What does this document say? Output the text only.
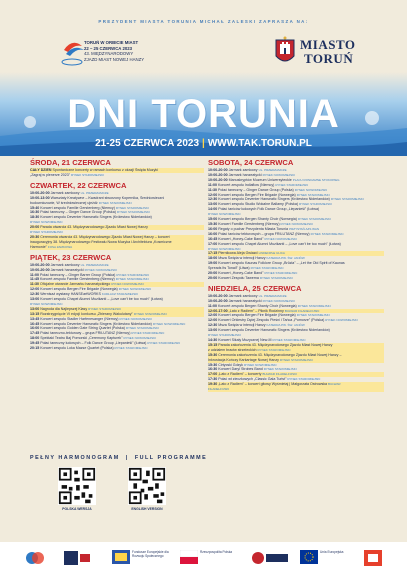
$_{PREZYDENT MIASTA TORUNIA MICHAŁ ZALESKI ZAPRASZA NA:}$
TORUŃ W ORBICIE MIAST
22 – 25 CZERWCA 2023
43. MIĘDZYNARODOWY
ZJAZD MIAST NOWEJ HANZY
MIASTO
TORUŃ
DNI TORUNIA
21-25 CZERWCA 2023 | WWW.TAK.TORUN.PL
ŚRODA, 21 CZERWCA
CAŁY DZIEŃ Spontaniczne koncerty w ramach konkursu z okazji Święta Muzyki
„Zagraj w plenerze 2023" RYNEK STAROMIEJSKI
CZWARTEK, 22 CZERWCA
10:00-20:00 Jarmark zamkowy UL. PRZEDZAMCZE
10:00-13:00 Warsztaty Kreatywne – Kwadrant stworzony Kopernika, Średniowieczni
budowniczowie, W średniowiecznej ujeżdż RYNEK STAROMIEJSKI
15:40 Koncert zespołu Familie Gerstenberg (Niemcy) RYNEK STAROMIEJSKI
16:30 Połać taneczny – Ginger Dance Group (Polska) RYNEK STAROMIEJSKI
18:30 Koncert zespołu Deventer Hanseatic Singers (Królestwo Niderlandów)
RYNEK NOWOMIEJSKI
20:00 Parada otwarcia 43. Międzynarodowego Zjazdu Miast Nowej Hanzy
RYNEK STAROMIEJSKI
20:30 Ceremonia otwarcia 43. Międzynarodowego Zjazdu Miast Nowej Hanzy – koncert
inauguracyjny 38. Międzynarodowego Festiwalu Nowa Muzyka i Architektura „Kosmiczne
Harmonie" FOSA ZAMKOWA
PIĄTEK, 23 CZERWCA
10:00-20:00 Jarmark zamkowy UL. PRZEDZAMCZE
10:00-20:00 Jarmark hanzeatycki RYNEK NOWOMIEJSKI
11:00 Połać taneczny – Ginger Barrer Group (Polska) RYNEK STAROMIEJSKI
11:45 Koncert zespołu Familie Gerstenberg (Niemcy) RYNEK STAROMIEJSKI
11:30 Oficjalne otwarcie Jarmarku hanzeatyckiego RYNEK NOWOMIEJSKI
12:00 Koncert zespołu Bergen Fire Brigade (Norwegia) RYNEK NOWOMIEJSKI
12:30 Wernisaż wystawy HANSEartWORKS KUDŁACZ STARAMIEJSKI
13:00 Koncert zespołu Chapel Alumni Muzikanti – „Love can't be too much" (Łotwa)
RYNEK NOWOMIEJSKI
13:00 Nagroda dla Najlepszej Klasy RYNEK STAROMIEJSKI
13:15 Rozstrzygnięcie VI edycji konkursu „Zbierany Wakulutany" RYNEK STAROMIEJSKI
13:45 Koncert zespołu Stadler Harfenesanger (Niemcy) RYNEK NOWOMIEJSKI
16:45 Koncert zespołu Deventer Hanseatic Singers (Królestwo Niderlandów) RYNEK NOWOMIEJSKI
16:00 Koncert zespołu Golden Gate String Quartet (Polska) RYNEK STAROMIEJSKI
17:45 Połać taneczno-tekturowy – grupa FRILUTANZ (Niemcy) RYNEK STAROMIEJSKI
18:00 Spektakl Teatru Baj Pomorski „Ceremony Kapturek" RYNEK NOWOMIEJSKI
19:45 Połać taneczny ludowych – Folk Dance Group „Liepanieši" (Łotwa) RYNEK STAROMIEJSKI
20:15 Koncert zespołu Loka Mazse Quartet (Polska) RYNEK STAROMIEJSKI
SOBOTA, 24 CZERWCA
10:00-20:00 Jarmark zamkowy UL. PRZEDZAMCZE
10:00-20:00 Jarmark hanzeatycki RYNEK NOWOMIEJSKI
10:00-20:00 Manuskryptów Muzeum Uniwersyteckie PLACU RONDAMNE STOKOPIEG
11:00 Koncert zespołu Indiaflow (Niemcy) RYNEK STAROMIEJSKI
11:30 Połać taneczny – Ginger Dance Group (Polska) RYNEK NOWOMIEJSKI
12:00 Koncert zespołu Bergen Fire Brigade (Norwegia) RYNEK STAROMIEJSKI
12:30 Koncert zespołu Deventer Hanseatic Singers (Królestwo Niderlandów) RYNEK STAROMIEJSKI
13:00 Koncert zespołu Studio Wokalne Ballamy (Polska) RYNEK STAROMIEJSKI
14:00 Połać taniców ludowych Folk Dance Group „Liepanieši" (Łotwa)
RYNEK NOWOMIEJSKI
15:00 Koncert zespołu Bergen Shanty Choir (Norwegia) RYNEK STAROMIEJSKI
15:30 Koncert Familie Gerstenberg (Niemcy) RYNEK NOWOMIEJSKI
16:00 Regaty o puchar Prezydenta Miasta Torunia PRZYSTAŃ AZS WAN
16:00 Połać taniców tekturowych – grupa FRILUTANZ (Niemcy) RYNEK STAROMIEJSKI
16:45 Koncert „Honey-Cake Band" RYNEK NOWOMIEJSKI
17:00 Koncert zespołu Chapel Alumni Muzikanti – „Love can't be too much" (Łotwa)
RYNEK NOWOMIEJSKI
17:15 Piernikowa Aleja Gwiazd LINDENPLE ULICA
18:00 Msza Święta w intencji Hanzy KATEDRA PW. ŚW. JANÓW
19:00 Koncert zespołu Kaunas Folklore Group „Brūzla" – „Let the Old Spirit of Kaunas
Spreads Its Tonail" (Litwa) RYNEK STAROMIEJSKI
20:00 Koncert „Honey-Cake Band" RYNEK STAROMIEJSKI
20:00 Koncert Zespołu Tawerna RYNEK STAROMIEJSKI
NIEDZIELA, 25 CZERWCA
10:00-20:00 Jarmark zamkowy UL. PRZEDZAMCZE
10:00-20:00 Jarmark hanzeatycki RYNEK NOWOMIEJSKI
11:00 Koncert zespołu Bergen Shanty Choir (Norwegia) RYNEK STAROMIEJSKI
12:00-17:00 „Lato z Radiem" – Piknik Rodzinny BULWAR FILADELFIJSKI
12:00 Koncert zespołu Bergen Fire Brigade (Norwegia) RYNEK STAROMIEJSKI
12:00 Koncert Orkiestry Dętej Zespołu Pieśni i Tańca „Pomorze" (Polska) RYNEK NOWOMIEJSKI
12:30 Msza Święta w intencji Hanzy KATEDRA PW. ŚW. JANÓW
13:00 Koncert zespołu Deventer Hanseatic Singers (Królestwo Niderlandów)
RYNEK STAROMIEJSKI
14:30 Koncert Sikaly Muzycznej New-M RYNEK STAROMIEJSKI
15:15 Parada zakończenia 43. Międzynarodowego Zjazdu Miast Nowej Hanzy
z udziałem bractw strzeleckich RYNEK STAROMIEJSKI
15:30 Ceremonia zakończenia 43. Międzynarodowego Zjazdu Miast Nowej Hanzy –
Inkrustacja Kończy Karkartage Nowej Hanzy RYNEK STAROMIEJSKI
15:30 Cirtycski Gdzyk RYNEK NOWOMIEJSKI
16:30 Koncert Daryl Strobes Band RYNEK STAROMIEJSKI
17:00 „Lato z Radiem" – koncerty BULWAR FILADELFIJSKI
17:30 Połać wt zieczkowych „Classic Gala Turist" RYNEK STAROMIEJSKI
19:30 „Lato z Radiem" – koncert gitowy Wyśmietaj | Małgorzata Ostrowska BULWAR
FILADELFIJSKI
PEŁNY HARMONOGRAM | FULL PROGRAMME
POLSKA WERSJA	ENGLISH VERSION
Fundusze Europejskie dla Rozwoju Społecznego
Rzeczpospolita Polska	Unia Europejska
